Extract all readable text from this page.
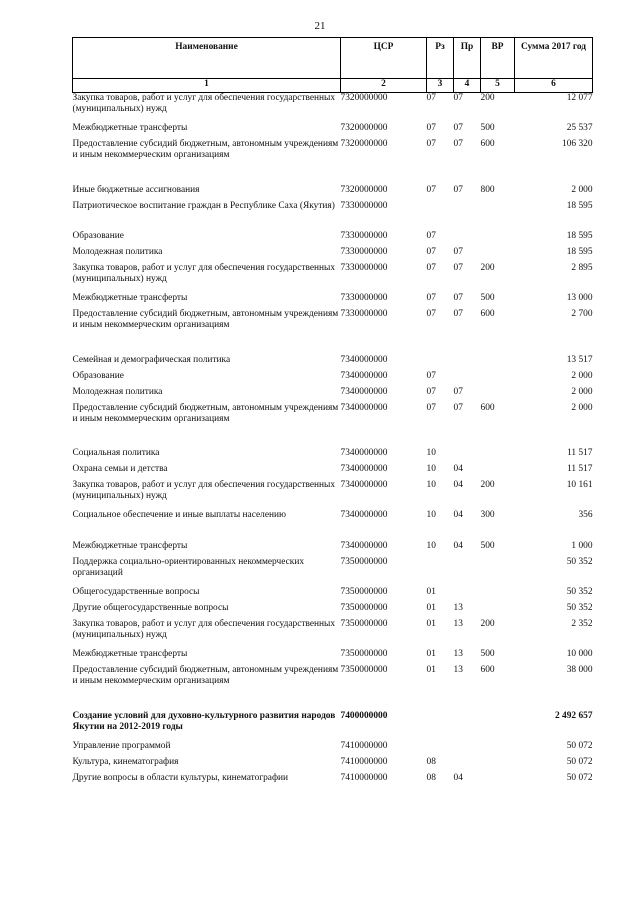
21
Наименование	ЦСР	Рз	Пр	ВР	Сумма 2017 год
1	2	3	4	5	6
Закупка товаров, работ и услуг для обеспечения государственных (муниципальных) нужд	7320000000	07	07	200	12 077
Межбюджетные трансферты	7320000000	07	07	500	25 537
Предоставление субсидий бюджетным, автономным учреждениям и иным некоммерческим организациям	7320000000	07	07	600	106 320
Иные бюджетные ассигнования	7320000000	07	07	800	2 000
Патриотическое воспитание граждан в Республике Саха (Якутия)	7330000000				18 595
Образование	7330000000	07			18 595
Молодежная политика	7330000000	07	07		18 595
Закупка товаров, работ и услуг для обеспечения государственных (муниципальных) нужд	7330000000	07	07	200	2 895
Межбюджетные трансферты	7330000000	07	07	500	13 000
Предоставление субсидий бюджетным, автономным учреждениям и иным некоммерческим организациям	7330000000	07	07	600	2 700
Семейная и демографическая политика	7340000000				13 517
Образование	7340000000	07			2 000
Молодежная политика	7340000000	07	07		2 000
Предоставление субсидий бюджетным, автономным учреждениям и иным некоммерческим организациям	7340000000	07	07	600	2 000
Социальная политика	7340000000	10			11 517
Охрана семьи и детства	7340000000	10	04		11 517
Закупка товаров, работ и услуг для обеспечения государственных (муниципальных) нужд	7340000000	10	04	200	10 161
Социальное обеспечение и иные выплаты населению	7340000000	10	04	300	356
Межбюджетные трансферты	7340000000	10	04	500	1 000
Поддержка социально-ориентированных некоммерческих организаций	7350000000				50 352
Общегосударственные вопросы	7350000000	01			50 352
Другие общегосударственные вопросы	7350000000	01	13		50 352
Закупка товаров, работ и услуг для обеспечения государственных (муниципальных) нужд	7350000000	01	13	200	2 352
Межбюджетные трансферты	7350000000	01	13	500	10 000
Предоставление субсидий бюджетным, автономным учреждениям и иным некоммерческим организациям	7350000000	01	13	600	38 000
Создание условий для духовно-культурного развития народов Якутии на 2012-2019 годы	7400000000				2 492 657
Управление программой	7410000000				50 072
Культура, кинематография	7410000000	08			50 072
Другие вопросы в области культуры, кинематографии	7410000000	08	04		50 072
